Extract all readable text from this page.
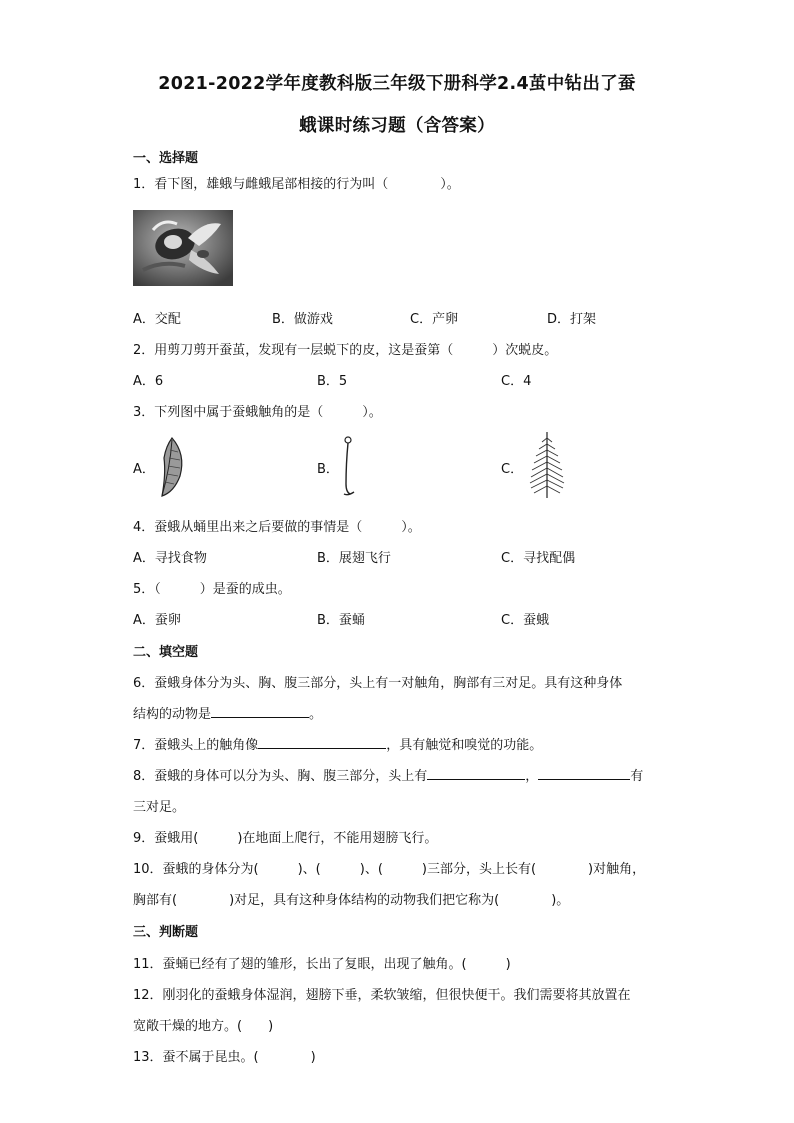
2021-2022学年度教科版三年级下册科学2.4茧中钻出了蚕
蛾课时练习题（含答案）
一、选择题
1．看下图，雄蛾与雌蛾尾部相接的行为叫（　　　　）。
A．交配	B．做游戏	C．产卵	D．打架
2．用剪刀剪开蚕茧，发现有一层蜕下的皮，这是蚕第（　　　）次蜕皮。
A．6	B．5	C．4
3．下列图中属于蚕蛾触角的是（　　　）。
A．	B．	C．
4．蚕蛾从蛹里出来之后要做的事情是（　　　）。
A．寻找食物	B．展翅飞行	C．寻找配偶
5．（　　　）是蚕的成虫。
A．蚕卵	B．蚕蛹	C．蚕蛾
二、填空题
6．蚕蛾身体分为头、胸、腹三部分，头上有一对触角，胸部有三对足。具有这种身体
结构的动物是	。
7．蚕蛾头上的触角像	，具有触觉和嗅觉的功能。
8．蚕蛾的身体可以分为头、胸、腹三部分，头上有	，	有
三对足。
9．蚕蛾用(　　　)在地面上爬行，不能用翅膀飞行。
10．蚕蛾的身体分为(　　　)、(　　　)、(　　　)三部分，头上长有(　　　　)对触角，
胸部有(　　　　)对足，具有这种身体结构的动物我们把它称为(　　　　)。
三、判断题
11．蚕蛹已经有了翅的雏形，长出了复眼，出现了触角。(　　　)
12．刚羽化的蚕蛾身体湿润，翅膀下垂，柔软皱缩，但很快便干。我们需要将其放置在
宽敞干燥的地方。(　　)
13．蚕不属于昆虫。(　　　　)
